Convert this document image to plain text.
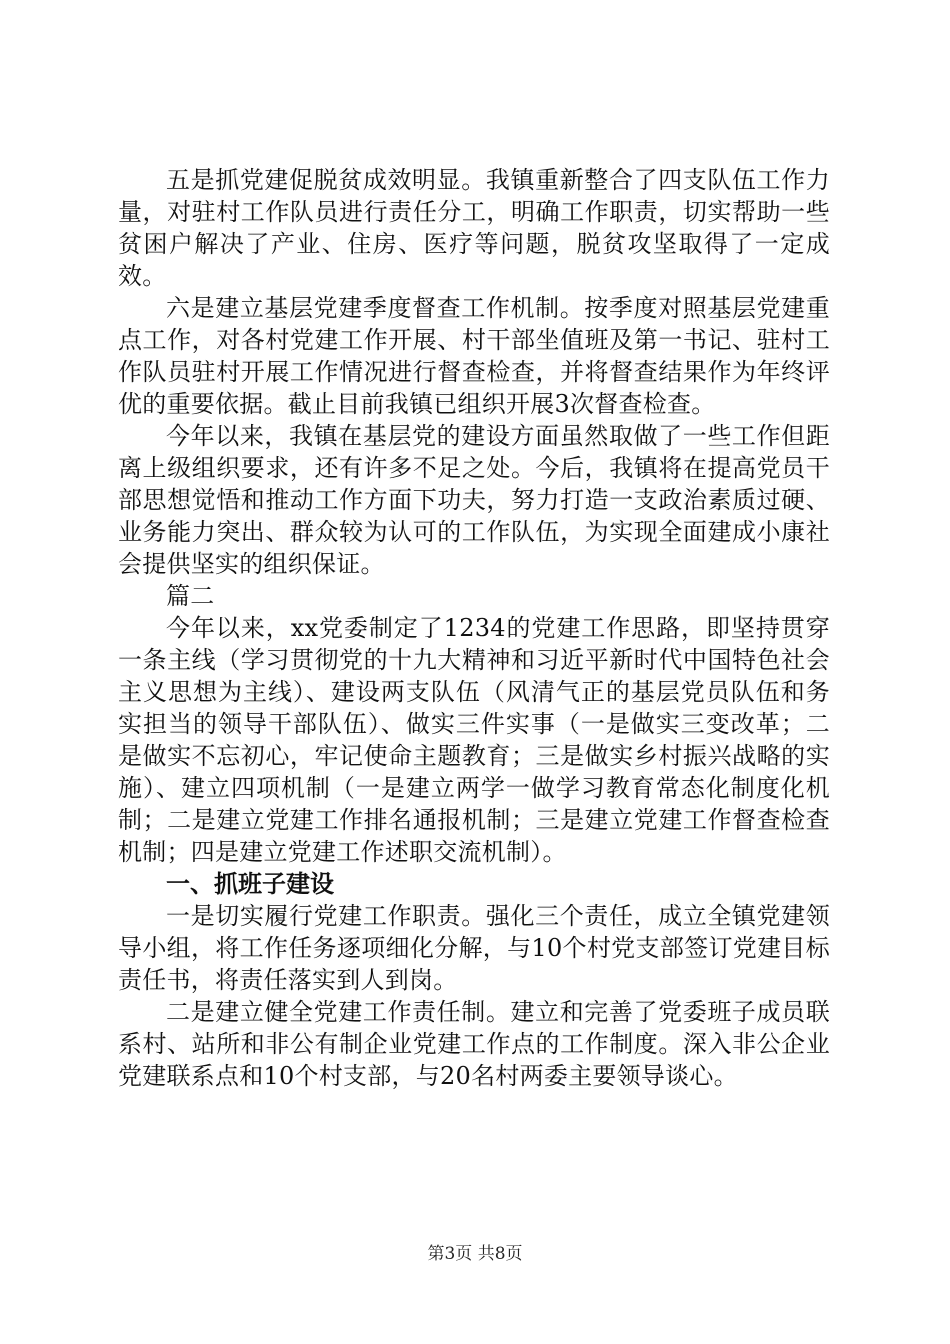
五是抓党建促脱贫成效明显。我镇重新整合了四支队伍工作力量，对驻村工作队员进行责任分工，明确工作职责，切实帮助一些贫困户解决了产业、住房、医疗等问题，脱贫攻坚取得了一定成效。

六是建立基层党建季度督查工作机制。按季度对照基层党建重点工作，对各村党建工作开展、村干部坐值班及第一书记、驻村工作队员驻村开展工作情况进行督查检查，并将督查结果作为年终评优的重要依据。截止目前我镇已组织开展3次督查检查。

今年以来，我镇在基层党的建设方面虽然取做了一些工作但距离上级组织要求，还有许多不足之处。今后，我镇将在提高党员干部思想觉悟和推动工作方面下功夫，努力打造一支政治素质过硬、业务能力突出、群众较为认可的工作队伍，为实现全面建成小康社会提供坚实的组织保证。

篇二

今年以来，xx党委制定了1234的党建工作思路，即坚持贯穿一条主线（学习贯彻党的十九大精神和习近平新时代中国特色社会主义思想为主线）、建设两支队伍（风清气正的基层党员队伍和务实担当的领导干部队伍）、做实三件实事（一是做实三变改革；二是做实不忘初心，牢记使命主题教育；三是做实乡村振兴战略的实施）、建立四项机制（一是建立两学一做学习教育常态化制度化机制；二是建立党建工作排名通报机制；三是建立党建工作督查检查机制；四是建立党建工作述职交流机制）。

一、抓班子建设

一是切实履行党建工作职责。强化三个责任，成立全镇党建领导小组，将工作任务逐项细化分解，与10个村党支部签订党建目标责任书，将责任落实到人到岗。

二是建立健全党建工作责任制。建立和完善了党委班子成员联系村、站所和非公有制企业党建工作点的工作制度。深入非公企业党建联系点和10个村支部，与20名村两委主要领导谈心。

第3页 共8页
